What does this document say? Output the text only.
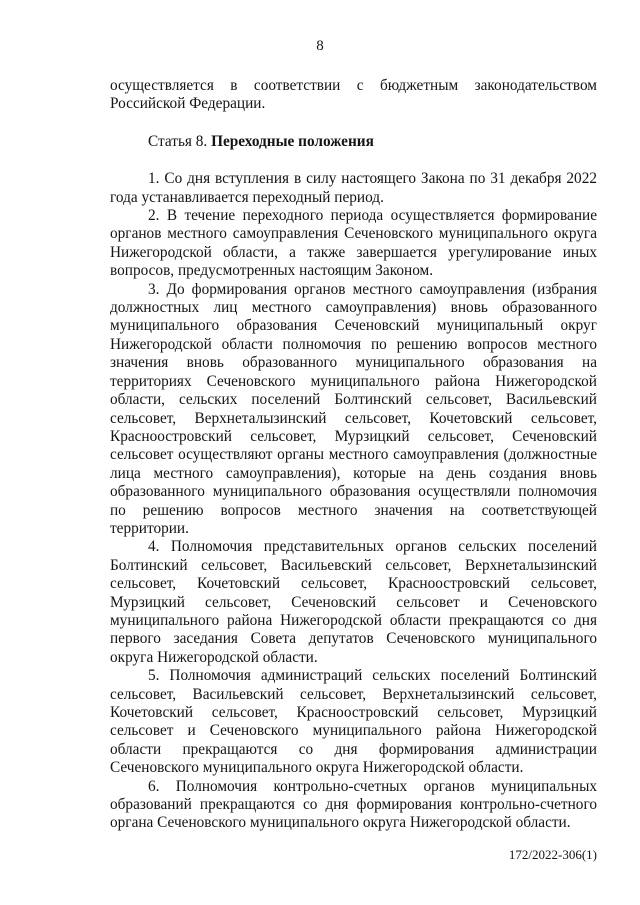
8

осуществляется в соответствии с бюджетным законодательством Российской Федерации.

Статья 8. Переходные положения

1. Со дня вступления в силу настоящего Закона по 31 декабря 2022 года устанавливается переходный период.

2. В течение переходного периода осуществляется формирование органов местного самоуправления Сеченовского муниципального округа Нижегородской области, а также завершается урегулирование иных вопросов, предусмотренных настоящим Законом.

3. До формирования органов местного самоуправления (избрания должностных лиц местного самоуправления) вновь образованного муниципального образования Сеченовский муниципальный округ Нижегородской области полномочия по решению вопросов местного значения вновь образованного муниципального образования на территориях Сеченовского муниципального района Нижегородской области, сельских поселений Болтинский сельсовет, Васильевский сельсовет, Верхнеталызинский сельсовет, Кочетовский сельсовет, Красноостровский сельсовет, Мурзицкий сельсовет, Сеченовский сельсовет осуществляют органы местного самоуправления (должностные лица местного самоуправления), которые на день создания вновь образованного муниципального образования осуществляли полномочия по решению вопросов местного значения на соответствующей территории.

4. Полномочия представительных органов сельских поселений Болтинский сельсовет, Васильевский сельсовет, Верхнеталызинский сельсовет, Кочетовский сельсовет, Красноостровский сельсовет, Мурзицкий сельсовет, Сеченовский сельсовет и Сеченовского муниципального района Нижегородской области прекращаются со дня первого заседания Совета депутатов Сеченовского муниципального округа Нижегородской области.

5. Полномочия администраций сельских поселений Болтинский сельсовет, Васильевский сельсовет, Верхнеталызинский сельсовет, Кочетовский сельсовет, Красноостровский сельсовет, Мурзицкий сельсовет и Сеченовского муниципального района Нижегородской области прекращаются со дня формирования администрации Сеченовского муниципального округа Нижегородской области.

6. Полномочия контрольно-счетных органов муниципальных образований прекращаются со дня формирования контрольно-счетного органа Сеченовского муниципального округа Нижегородской области.

172/2022-306(1)
